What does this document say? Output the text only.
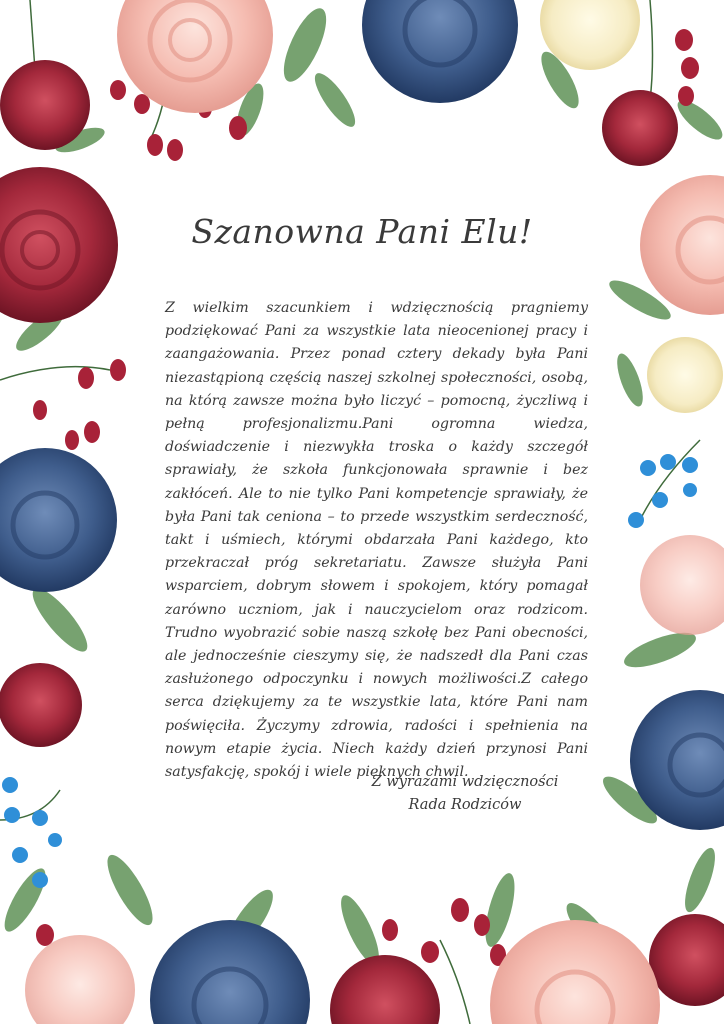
Szanowna Pani Elu!
Z wielkim szacunkiem i wdzięcznością pragniemy podziękować Pani za wszystkie lata nieocenionej pracy i zaangażowania. Przez ponad cztery dekady była Pani niezastąpioną częścią naszej szkolnej społeczności, osobą, na którą zawsze można było liczyć – pomocną, życzliwą i pełną profesjonalizmu.Pani ogromna wiedza, doświadczenie i niezwykła troska o każdy szczegół sprawiały, że szkoła funkcjonowała sprawnie i bez zakłóceń. Ale to nie tylko Pani kompetencje sprawiały, że była Pani tak ceniona – to przede wszystkim serdeczność, takt i uśmiech, którymi obdarzała Pani każdego, kto przekraczał próg sekretariatu. Zawsze służyła Pani wsparciem, dobrym słowem i spokojem, który pomagał zarówno uczniom, jak i nauczycielom oraz rodzicom. Trudno wyobrazić sobie naszą szkołę bez Pani obecności, ale jednocześnie cieszymy się, że nadszedł dla Pani czas zasłużonego odpoczynku i nowych możliwości.Z całego serca dziękujemy za te wszystkie lata, które Pani nam poświęciła. Życzymy zdrowia, radości i spełnienia na nowym etapie życia. Niech każdy dzień przynosi Pani satysfakcję, spokój i wiele pięknych chwil.
Z wyrazami wdzięczności
Rada Rodziców
